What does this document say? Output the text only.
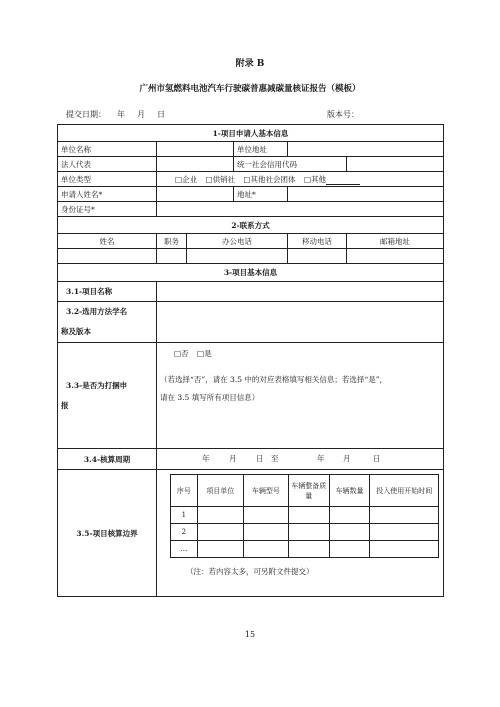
附录 B
广州市氢燃料电池汽车行驶碳普惠减碳量核证报告（模板）
提交日期： 年 月 日	版本号：
1-项目申请人基本信息
单位名称		单位地址	
法人代表		统一社会信用代码	
单位类型	□企业 □供销社 □其他社会团体 □其他
申请人姓名*		地址*	
身份证号*	
2-联系方式
姓名	职务	办公电话	移动电话	邮箱地址

3-项目基本信息
3.1-项目名称	

3.2-选用方法学名
称及版本

3.3-是否为打捆申
报

□否 □是
（若选择“否”，请在 3.5 中的对应表格填写相关信息；若选择“是”，
请在 3.5 填写所有项目信息）

3.4-核算周期	年	月	日 至	年 月	日

3.5-项目核算边界	
序号	项目单位	车辆型号	车辆整备质量	车辆数量	投入使用开始时间
1					
2					
…					
（注：若内容太多，可另附文件提交）
15
